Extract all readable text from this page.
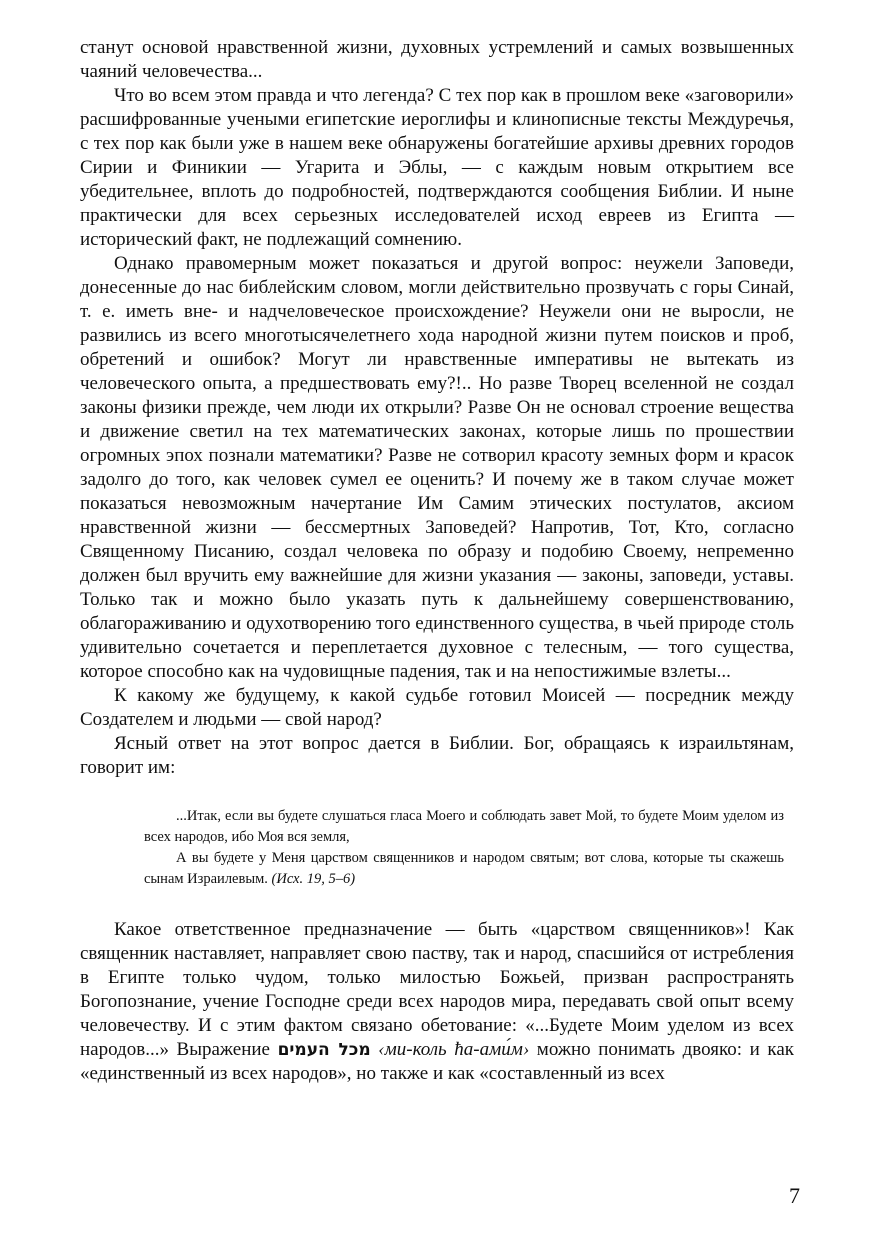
станут основой нравственной жизни, духовных устремлений и самых возвышенных чаяний человечества...

Что во всем этом правда и что легенда? С тех пор как в прошлом веке «заговорили» расшифрованные учеными египетские иероглифы и клинописные тексты Междуречья, с тех пор как были уже в нашем веке обнаружены богатейшие архивы древних городов Сирии и Финикии — Угарита и Эблы, — с каждым новым открытием все убедительнее, вплоть до подробностей, подтверждаются сообщения Библии. И ныне практически для всех серьезных исследователей исход евреев из Египта — исторический факт, не подлежащий сомнению.

Однако правомерным может показаться и другой вопрос: неужели Заповеди, донесенные до нас библейским словом, могли действительно прозвучать с горы Синай, т. е. иметь вне- и надчеловеческое происхождение? Неужели они не выросли, не развились из всего многотысячелетнего хода народной жизни путем поисков и проб, обретений и ошибок? Могут ли нравственные императивы не вытекать из человеческого опыта, а предшествовать ему?!.. Но разве Творец вселенной не создал законы физики прежде, чем люди их открыли? Разве Он не основал строение вещества и движение светил на тех математических законах, которые лишь по прошествии огромных эпох познали математики? Разве не сотворил красоту земных форм и красок задолго до того, как человек сумел ее оценить? И почему же в таком случае может показаться невозможным начертание Им Самим этических постулатов, аксиом нравственной жизни — бессмертных Заповедей? Напротив, Тот, Кто, согласно Священному Писанию, создал человека по образу и подобию Своему, непременно должен был вручить ему важнейшие для жизни указания — законы, заповеди, уставы. Только так и можно было указать путь к дальнейшему совершенствованию, облагораживанию и одухотворению того единственного существа, в чьей природе столь удивительно сочетается и переплетается духовное с телесным, — того существа, которое способно как на чудовищные падения, так и на непостижимые взлеты...

К какому же будущему, к какой судьбе готовил Моисей — посредник между Создателем и людьми — свой народ?

Ясный ответ на этот вопрос дается в Библии. Бог, обращаясь к израильтянам, говорит им:

...Итак, если вы будете слушаться гласа Моего и соблюдать завет Мой, то будете Моим уделом из всех народов, ибо Моя вся земля,

А вы будете у Меня царством священников и народом святым; вот слова, которые ты скажешь сынам Израилевым. (Исх. 19, 5–6)

Какое ответственное предназначение — быть «царством священников»! Как священник наставляет, направляет свою паству, так и народ, спасшийся от истребления в Египте только чудом, только милостью Божьей, призван распространять Богопознание, учение Господне среди всех народов мира, передавать свой опыт всему человечеству. И с этим фактом связано обетование: «...Будете Моим уделом из всех народов...» Выражение מכל העמים ‹ми-коль ћа-ами́м› можно понимать двояко: и как «единственный из всех народов», но также и как «составленный из всех

7
